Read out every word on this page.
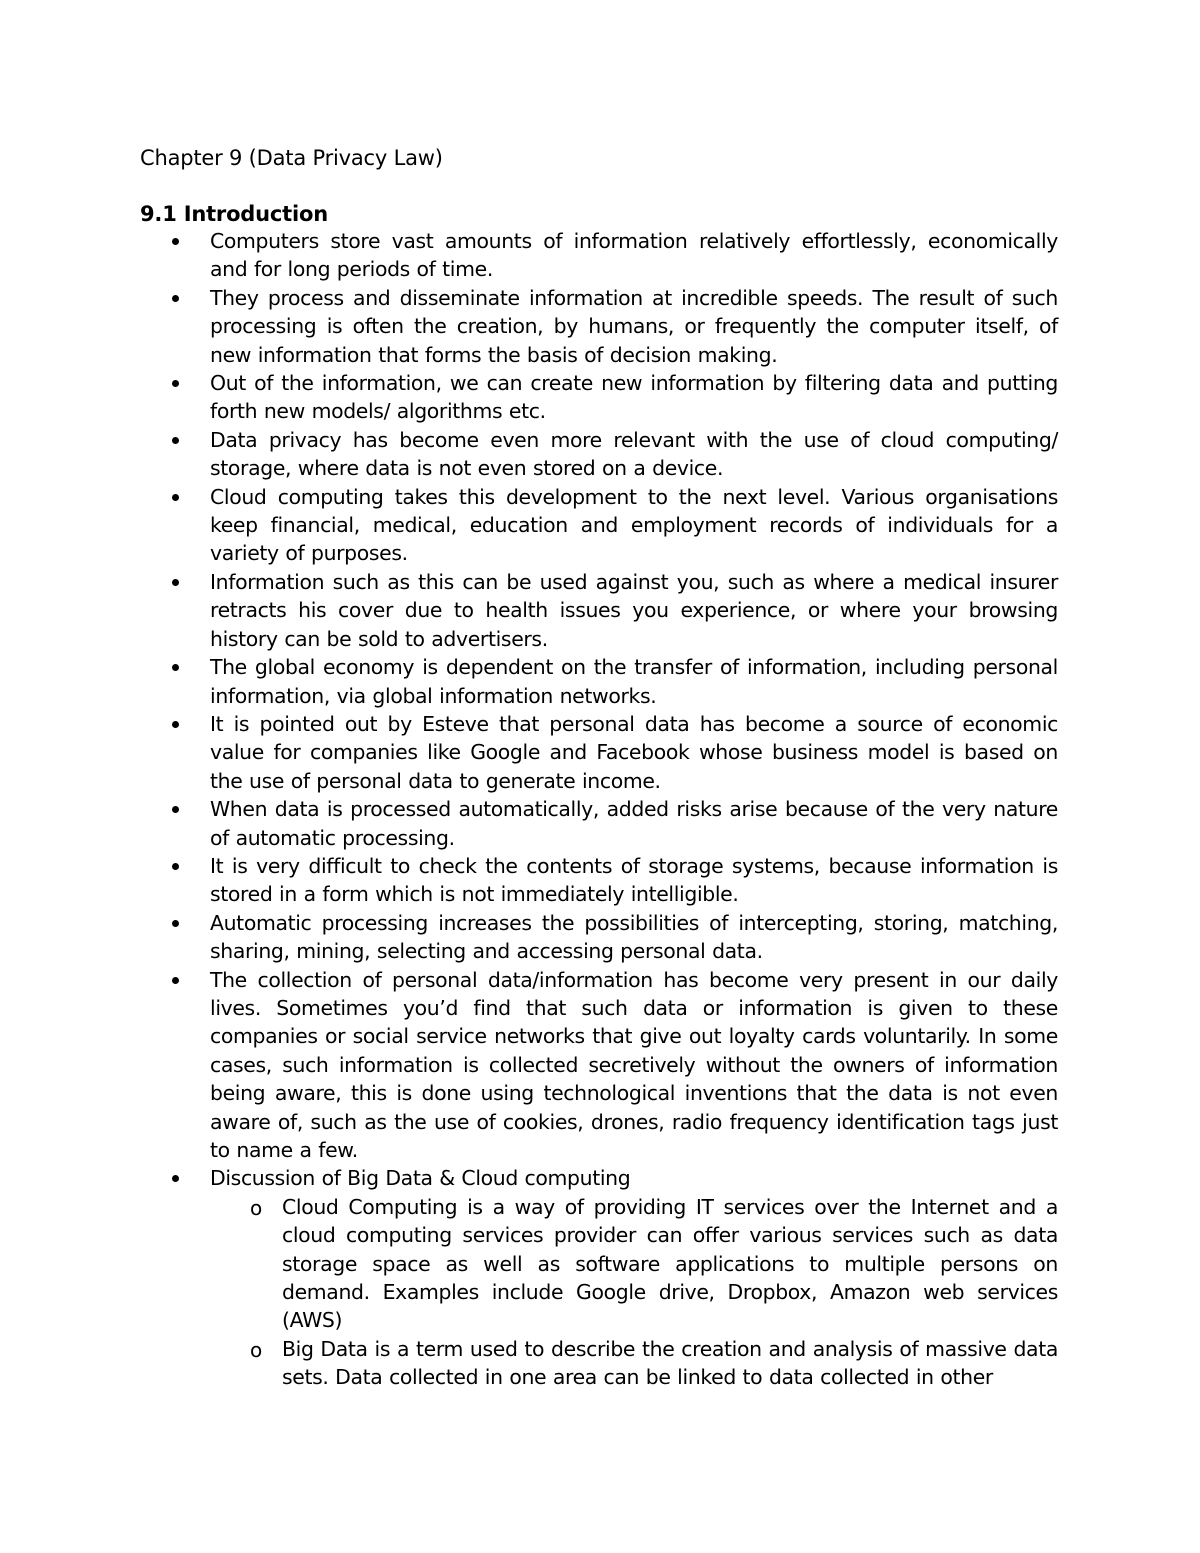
Chapter 9 (Data Privacy Law)
9.1 Introduction
Computers store vast amounts of information relatively effortlessly, economically and for long periods of time.
They process and disseminate information at incredible speeds. The result of such processing is often the creation, by humans, or frequently the computer itself, of new information that forms the basis of decision making.
Out of the information, we can create new information by filtering data and putting forth new models/ algorithms etc.
Data privacy has become even more relevant with the use of cloud computing/ storage, where data is not even stored on a device.
Cloud computing takes this development to the next level. Various organisations keep financial, medical, education and employment records of individuals for a variety of purposes.
Information such as this can be used against you, such as where a medical insurer retracts his cover due to health issues you experience, or where your browsing history can be sold to advertisers.
The global economy is dependent on the transfer of information, including personal information, via global information networks.
It is pointed out by Esteve that personal data has become a source of economic value for companies like Google and Facebook whose business model is based on the use of personal data to generate income.
When data is processed automatically, added risks arise because of the very nature of automatic processing.
It is very difficult to check the contents of storage systems, because information is stored in a form which is not immediately intelligible.
Automatic processing increases the possibilities of intercepting, storing, matching, sharing, mining, selecting and accessing personal data.
The collection of personal data/information has become very present in our daily lives. Sometimes you’d find that such data or information is given to these companies or social service networks that give out loyalty cards voluntarily. In some cases, such information is collected secretively without the owners of information being aware, this is done using technological inventions that the data is not even aware of, such as the use of cookies, drones, radio frequency identification tags just to name a few.
Discussion of Big Data & Cloud computing
o Cloud Computing is a way of providing IT services over the Internet and a cloud computing services provider can offer various services such as data storage space as well as software applications to multiple persons on demand. Examples include Google drive, Dropbox, Amazon web services (AWS)
o Big Data is a term used to describe the creation and analysis of massive data sets. Data collected in one area can be linked to data collected in other
